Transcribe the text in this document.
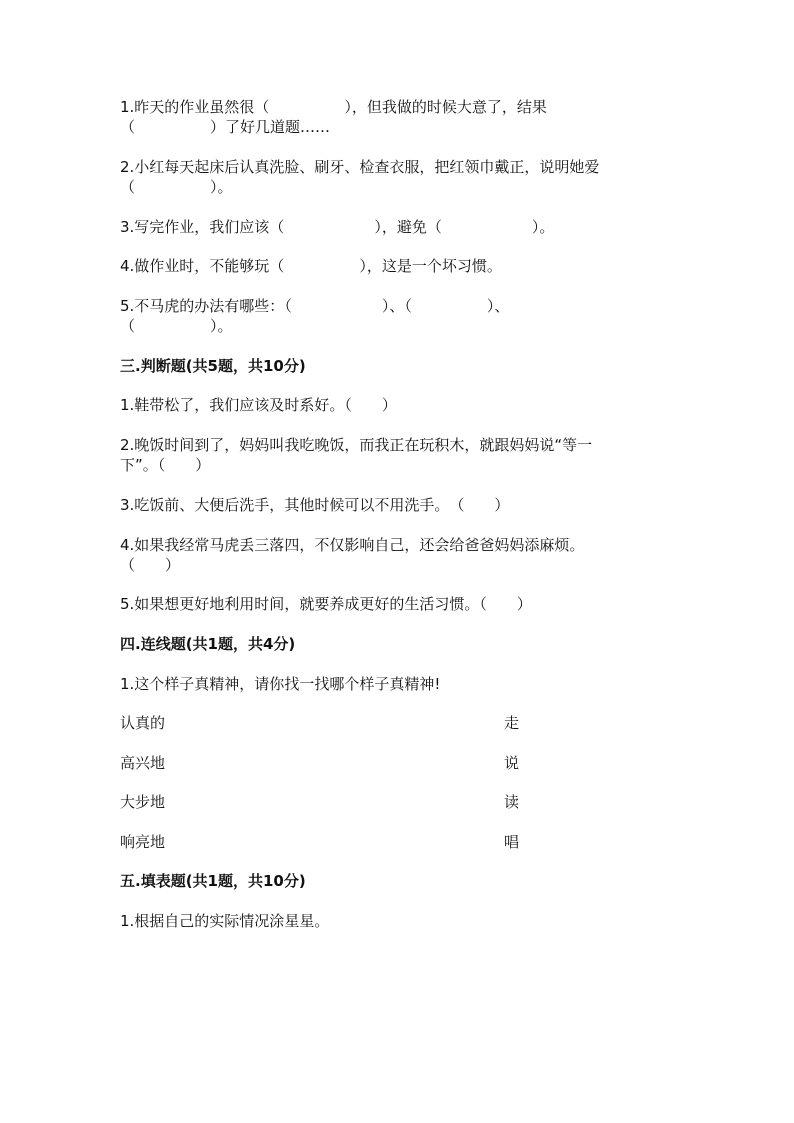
1.昨天的作业虽然很（　　　　　），但我做的时候大意了，结果
（　　　　　）了好几道题……
2.小红每天起床后认真洗脸、刷牙、检查衣服，把红领巾戴正，说明她爱
（　　　　　）。
3.写完作业，我们应该（　　　　　　），避免（　　　　　　）。
4.做作业时，不能够玩（　　　　　），这是一个坏习惯。
5.不马虎的办法有哪些：（　　　　　　）、（　　　　　）、
（　　　　　）。
三.判断题(共5题，共10分)
1.鞋带松了，我们应该及时系好。（　　）
2.晚饭时间到了，妈妈叫我吃晚饭，而我正在玩积木，就跟妈妈说“等一
下”。（　　）
3.吃饭前、大便后洗手，其他时候可以不用洗手。　（　　）
4.如果我经常马虎丢三落四，不仅影响自己，还会给爸爸妈妈添麻烦。
（　　）
5.如果想更好地利用时间，就要养成更好的生活习惯。（　　）
四.连线题(共1题，共4分)
1.这个样子真精神，请你找一找哪个样子真精神!
认真的	走
高兴地	说
大步地	读
响亮地	唱
五.填表题(共1题，共10分)
1.根据自己的实际情况涂星星。
